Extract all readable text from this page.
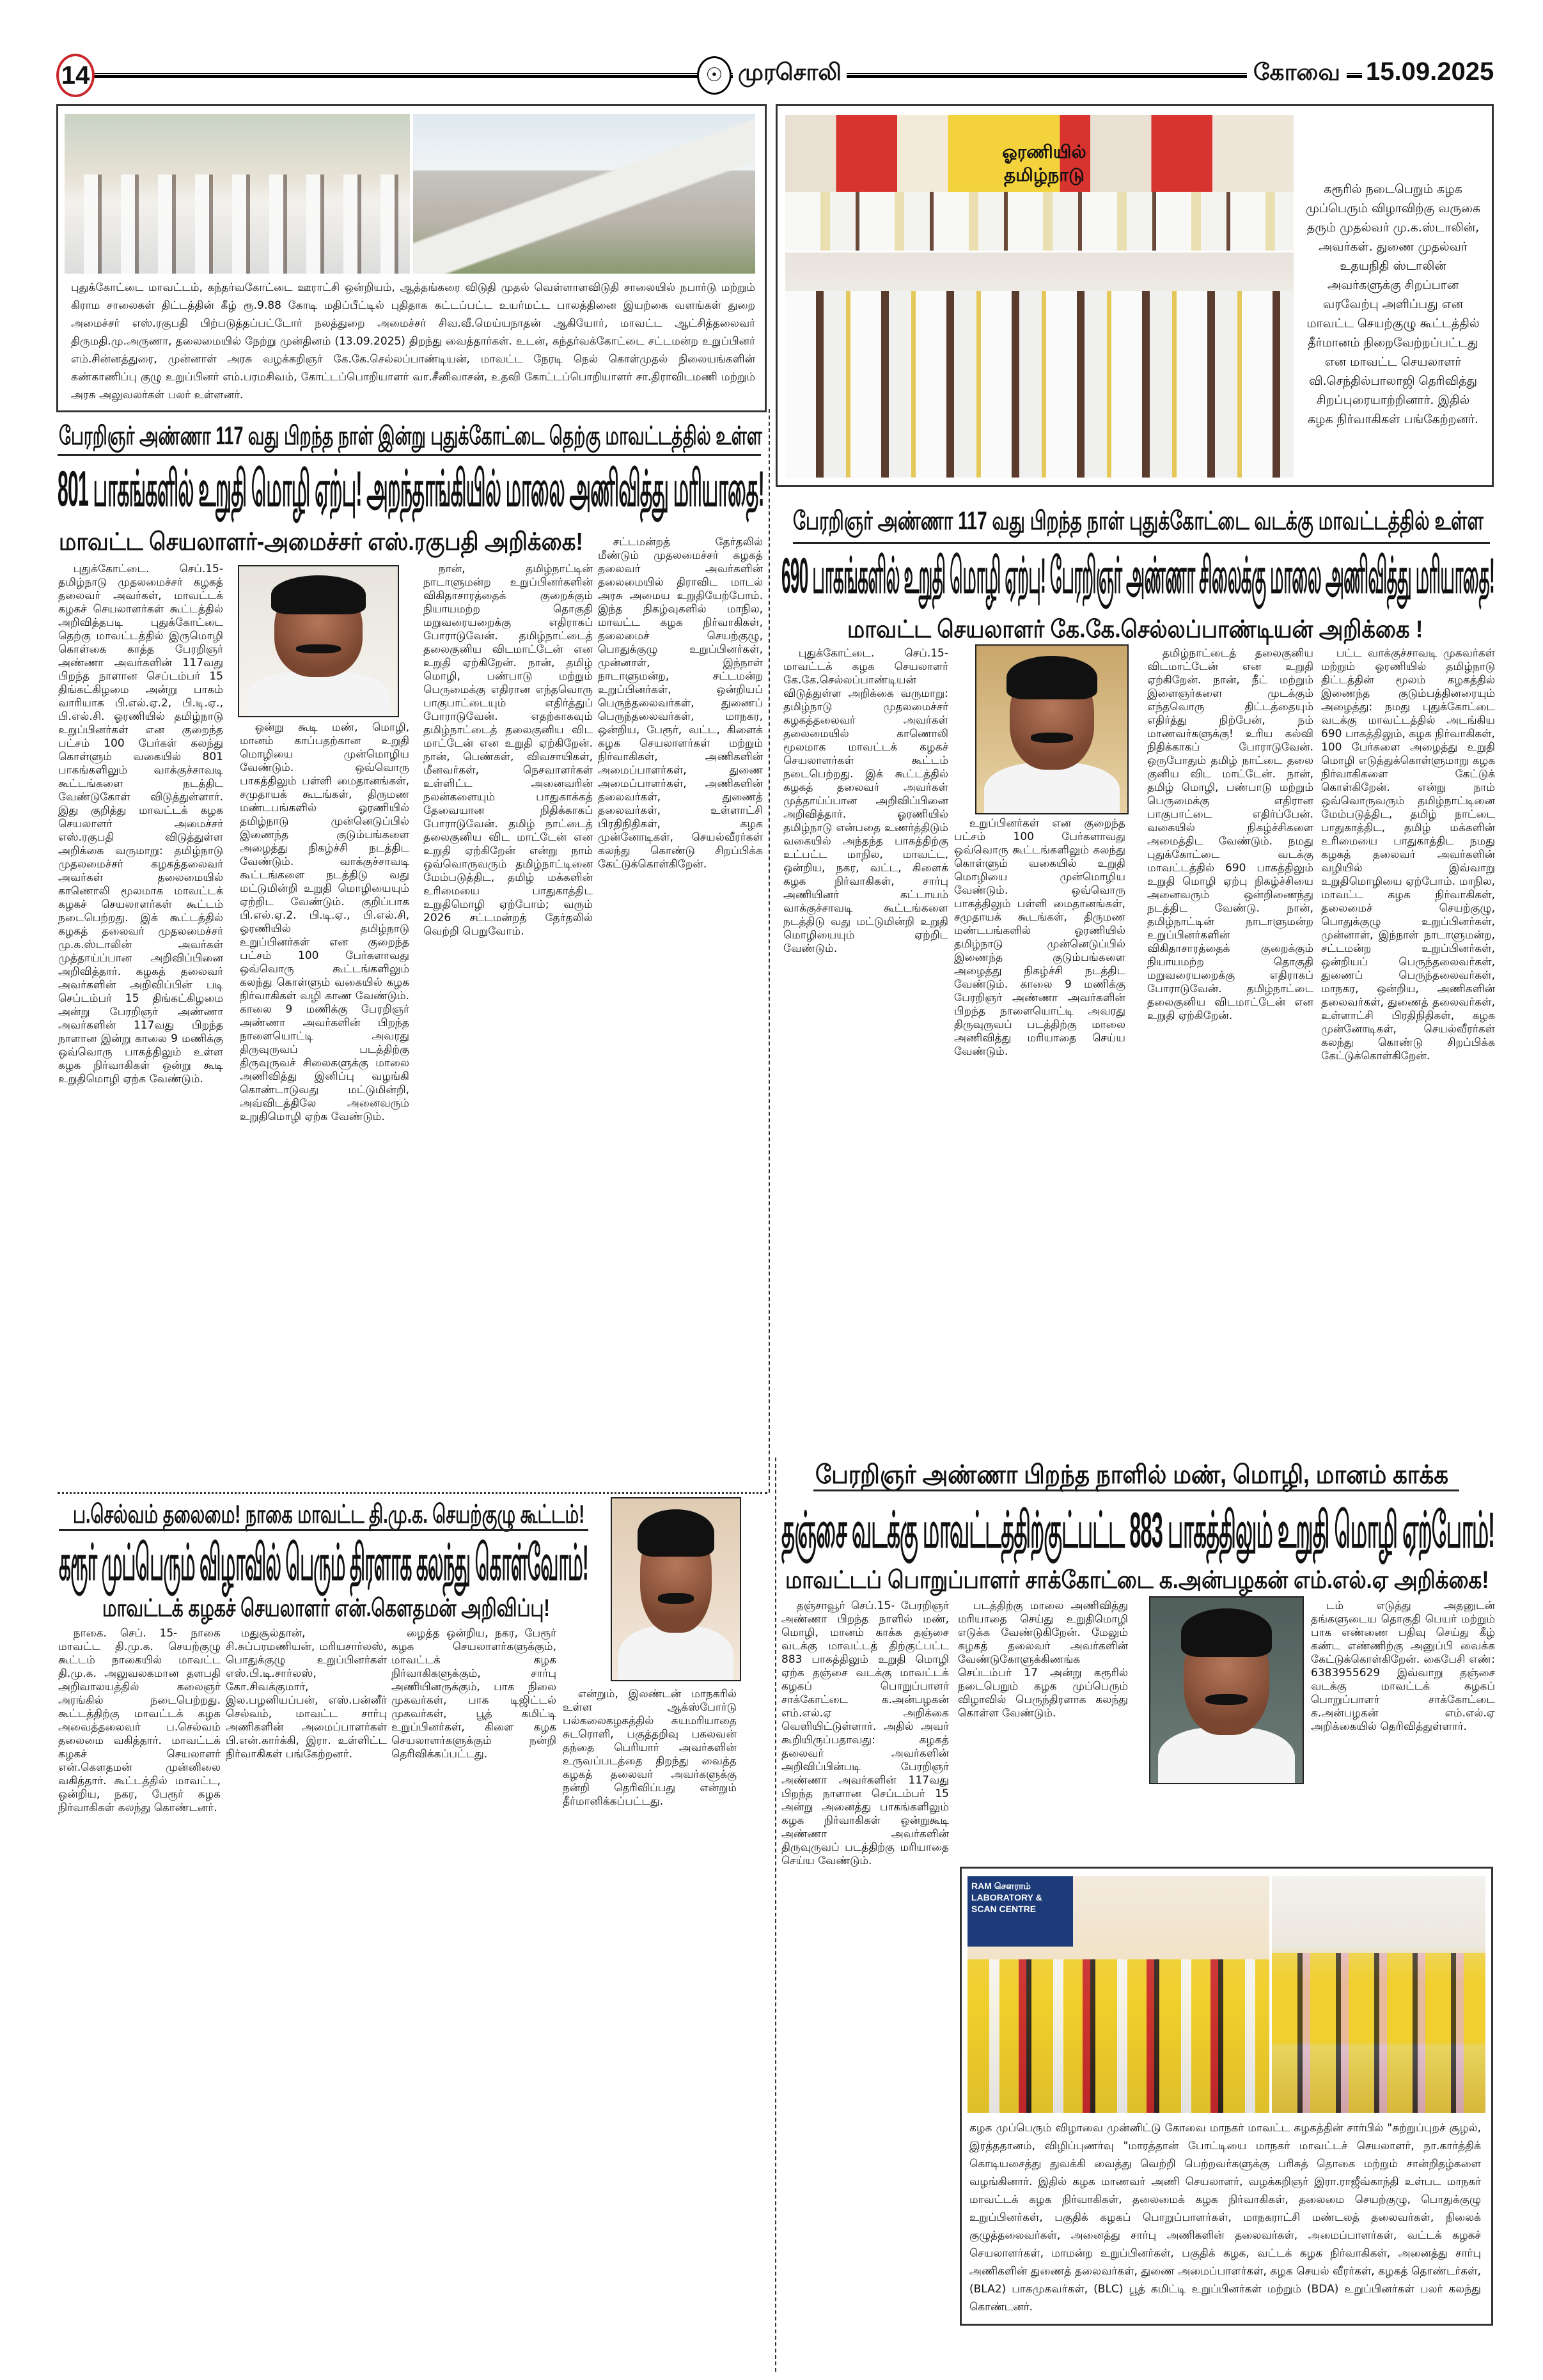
14	☉ முரசொலி	கோவை 15.09.2025
புதுக்கோட்டை மாவட்டம், கந்தர்வகோட்டை ஊராட்சி ஒன்றியம், ஆத்தங்கரை விடுதி முதல் வெள்ளாளவிடுதி சாலையில் நபார்டு மற்றும் கிராம சாலைகள் திட்டத்தின் கீழ் ரூ.9.88 கோடி மதிப்பீட்டில் புதிதாக கட்டப்பட்ட உயர்மட்ட பாலத்தினை இயற்கை வளங்கள் துறை அமைச்சர் எஸ்.ரகுபதி பிற்படுத்தப்பட்டோர் நலத்துறை அமைச்சர் சிவ.வீ.மெய்யநாதன் ஆகியோர், மாவட்ட ஆட்சித்தலைவர் திருமதி.மு.அருணா, தலைமையில் நேற்று முன்தினம் (13.09.2025) திறந்து வைத்தார்கள். உடன், கந்தர்வக்கோட்டை சட்டமன்ற உறுப்பினர் எம்.சின்னத்துரை, முன்னாள் அரசு வழக்கறிஞர் கே.கே.செல்லப்பாண்டியன், மாவட்ட நேரடி நெல் கொள்முதல் நிலையங்களின் கண்காணிப்பு குழு உறுப்பினர் எம்.பரமசிவம், கோட்டப்பொறியாளர் வா.சீனிவாசன், உதவி கோட்டப்பொறியாளர் சா.திராவிடமணி மற்றும் அரசு அலுவலர்கள் பலர் உள்ளனர்.
பேரறிஞர் அண்ணா 117 வது பிறந்த நாள் இன்று புதுக்கோட்டை தெற்கு மாவட்டத்தில் உள்ள
801 பாகங்களில் உறுதி மொழி ஏற்பு! அறந்தாங்கியில் மாலை அணிவித்து மரியாதை!
மாவட்ட செயலாளர்-அமைச்சர் எஸ்.ரகுபதி அறிக்கை!
புதுக்கோட்டை. செப்.15- தமிழ்நாடு முதலமைச்சர் கழகத் தலைவர் அவர்கள், மாவட்டக் கழகச் செயலாளர்கள் கூட்டத்தில் அறிவித்தபடி புதுக்கோட்டை தெற்கு மாவட்டத்தில் இருமொழி கொள்கை காத்த பேரறிஞர் அண்ணா அவர்களின் 117வது பிறந்த நாளான செப்டம்பர் 15 திங்கட்கிழமை அன்று பாகம் வாரியாக பி.எல்.ஏ.2, பி.டி.ஏ., பி.எல்.சி. ஓரணியில் தமிழ்நாடு உறுப்பினர்கள் என குறைந்த பட்சம் 100 பேர்கள் கலந்து கொள்ளும் வகையில் 801 பாகங்களிலும் வாக்குச்சாவடி கூட்டங்களை நடத்திட வேண்டுகோள் விடுத்துள்ளார். இது குறித்து மாவட்டக் கழக செயலாளர் அமைச்சர் எஸ்.ரகுபதி விடுத்துள்ள அறிக்கை வருமாறு: தமிழ்நாடு முதலமைச்சர் கழகத்தலைவர் அவர்கள் தலைமையில் காணொலி மூலமாக மாவட்டக் கழகச் செயலாளர்கள் கூட்டம் நடைபெற்றது. இக் கூட்டத்தில் கழகத் தலைவர் முதலமைச்சர் மு.க.ஸ்டாலின் அவர்கள் முத்தாய்ப்பான அறிவிப்பினை அறிவித்தார். கழகத் தலைவர் அவர்களின் அறிவிப்பின் படி செப்டம்பர் 15 திங்கட்கிழமை அன்று பேரறிஞர் அண்ணா அவர்களின் 117வது பிறந்த நாளான இன்று காலை 9 மணிக்கு ஒவ்வொரு பாகத்திலும் உள்ள கழக நிர்வாகிகள் ஒன்று கூடி உறுதிமொழி ஏற்க வேண்டும்.
ஒன்று கூடி மண், மொழி, மானம் காப்பதற்கான உறுதி மொழியை முன்மொழிய வேண்டும். ஒவ்வொரு பாகத்திலும் பள்ளி மைதானங்கள், சமுதாயக் கூடங்கள், திருமண மண்டபங்களில் ஓரணியில் தமிழ்நாடு முன்னெடுப்பில் இணைந்த குடும்பங்களை அழைத்து நிகழ்ச்சி நடத்திட வேண்டும். வாக்குச்சாவடி கூட்டங்களை நடத்திடு வது மட்டுமின்றி உறுதி மொழியையும் ஏற்றிட வேண்டும். குறிப்பாக பி.எல்.ஏ.2. பி.டி.ஏ., பி.எல்.சி, ஓரணியில் தமிழ்நாடு உறுப்பினர்கள் என குறைந்த பட்சம் 100 பேர்களாவது ஒவ்வொரு கூட்டங்களிலும் கலந்து கொள்ளும் வகையில் கழக நிர்வாகிகள் வழி காண வேண்டும். காலை 9 மணிக்கு பேரறிஞர் அண்ணா அவர்களின் பிறந்த நாளையொட்டி அவரது திருவுருவப் படத்திற்கு திருவுருவச் சிலைகளுக்கு மாலை அணிவித்து இனிப்பு வழங்கி கொண்டாடுவது மட்டுமின்றி, அவ்விடத்திலே அனைவரும் உறுதிமொழி ஏற்க வேண்டும்.
நான், தமிழ்நாட்டின் நாடாளுமன்ற உறுப்பினர்களின் விகிதாசாரத்தைக் குறைக்கும் நியாயமற்ற தொகுதி மறுவரையறைக்கு எதிராகப் போராடுவேன். தமிழ்நாட்டைத் தலைகுனிய விடமாட்டேன் என உறுதி ஏற்கிறேன். நான், தமிழ் மொழி, பண்பாடு மற்றும் பெருமைக்கு எதிரான எந்தவொரு பாகுபாட்டையும் எதிர்த்துப் போராடுவேன். எதற்காகவும் தமிழ்நாட்டைத் தலைகுனிய விட மாட்டேன் என உறுதி ஏற்கிறேன். நான், பெண்கள், விவசாயிகள், மீனவர்கள், நெசவாளர்கள் உள்ளிட்ட அனைவரின் நலன்களையும் பாதுகாக்கத் தேவையான நிதிக்காகப் போராடுவேன். தமிழ் நாட்டைத் தலைகுனிய விட மாட்டேன் என உறுதி ஏற்கிறேன் என்று நாம் ஒவ்வொருவரும் தமிழ்நாட்டினை மேம்படுத்திட, தமிழ் மக்களின் உரிமையை பாதுகாத்திட உறுதிமொழி ஏற்போம்; வரும் 2026 சட்டமன்றத் தேர்தலில் வெற்றி பெறுவோம்.
சட்டமன்றத் தேர்தலில் மீண்டும் முதலமைச்சர் கழகத் தலைவர் அவர்களின் தலைமையில் திராவிட மாடல் அரசு அமைய உறுதியேற்போம். இந்த நிகழ்வுகளில் மாநில, மாவட்ட கழக நிர்வாகிகள், தலைமைச் செயற்குழு, பொதுக்குழு உறுப்பினர்கள், முன்னாள், இந்நாள் நாடாளுமன்ற, சட்டமன்ற உறுப்பினர்கள், ஒன்றியப் பெருந்தலைவர்கள், துணைப் பெருந்தலைவர்கள், மாநகர, ஒன்றிய, பேரூர், வட்ட, கிளைக் கழக செயலாளர்கள் மற்றும் நிர்வாகிகள், அணிகளின் அமைப்பாளர்கள், துணை அமைப்பாளர்கள், அணிகளின் தலைவர்கள், துணைத் தலைவர்கள், உள்ளாட்சி பிரதிநிதிகள், கழக முன்னோடிகள், செயல்வீரர்கள் கலந்து கொண்டு சிறப்பிக்க கேட்டுக்கொள்கிறேன்.
ஓரணியில் தமிழ்நாடு
கரூரில் நடைபெறும் கழக முப்பெரும் விழாவிற்கு வருகை தரும் முதல்வர் மு.க.ஸ்டாலின், அவர்கள். துணை முதல்வர் உதயநிதி ஸ்டாலின் அவர்களுக்கு சிறப்பான வரவேற்பு அளிப்பது என மாவட்ட செயற்குழு கூட்டத்தில் தீர்மானம் நிறைவேற்றப்பட்டது என மாவட்ட செயலாளர் வி.செந்தில்பாலாஜி தெரிவித்து சிறப்புரையாற்றினார். இதில் கழக நிர்வாகிகள் பங்கேற்றனர்.
பேரறிஞர் அண்ணா 117 வது பிறந்த நாள் புதுக்கோட்டை வடக்கு மாவட்டத்தில் உள்ள
690 பாகங்களில் உறுதி மொழி ஏற்பு! பேரறிஞர் அண்ணா சிலைக்கு மாலை அணிவித்து மரியாதை!
மாவட்ட செயலாளர் கே.கே.செல்லப்பாண்டியன் அறிக்கை !
புதுக்கோட்டை. செப்.15- மாவட்டக் கழக செயலாளர் கே.கே.செல்லப்பாண்டியன் விடுத்துள்ள அறிக்கை வருமாறு: தமிழ்நாடு முதலமைச்சர் கழகத்தலைவர் அவர்கள் தலைமையில் காணொலி மூலமாக மாவட்டக் கழகச் செயலாளர்கள் கூட்டம் நடைபெற்றது. இக் கூட்டத்தில் கழகத் தலைவர் அவர்கள் முத்தாய்ப்பான அறிவிப்பினை அறிவித்தார். ஓரணியில் தமிழ்நாடு என்பதை உணர்த்திடும் வகையில் அந்தந்த பாகத்திற்கு உட்பட்ட மாநில, மாவட்ட, ஒன்றிய, நகர, வட்ட, கிளைக் கழக நிர்வாகிகள், சார்பு அணியினர் கட்டாயம் வாக்குச்சாவடி கூட்டங்களை நடத்திடு வது மட்டுமின்றி உறுதி மொழியையும் ஏற்றிட வேண்டும்.
உறுப்பினர்கள் என குறைந்த பட்சம் 100 பேர்களாவது ஒவ்வொரு கூட்டங்களிலும் கலந்து கொள்ளும் வகையில் உறுதி மொழியை முன்மொழிய வேண்டும். ஒவ்வொரு பாகத்திலும் பள்ளி மைதானங்கள், சமுதாயக் கூடங்கள், திருமண மண்டபங்களில் ஓரணியில் தமிழ்நாடு முன்னெடுப்பில் இணைந்த குடும்பங்களை அழைத்து நிகழ்ச்சி நடத்திட வேண்டும். காலை 9 மணிக்கு பேரறிஞர் அண்ணா அவர்களின் பிறந்த நாளையொட்டி அவரது திருவுருவப் படத்திற்கு மாலை அணிவித்து மரியாதை செய்ய வேண்டும்.
தமிழ்நாட்டைத் தலைகுனிய விடமாட்டேன் என உறுதி ஏற்கிறேன். நான், நீட் மற்றும் இளைஞர்களை முடக்கும் எந்தவொரு திட்டத்தையும் எதிர்த்து நிற்பேன், நம் மாணவர்களுக்கு! உரிய கல்வி நிதிக்காகப் போராடுவேன். ஒருபோதும் தமிழ் நாட்டை தலை குனிய விட மாட்டேன். நான், தமிழ் மொழி, பண்பாடு மற்றும் பெருமைக்கு எதிரான பாகுபாட்டை எதிர்ப்பேன். வகையில் நிகழ்ச்சிகளை அமைத்திட வேண்டும். நமது புதுக்கோட்டை வடக்கு மாவட்டத்தில் 690 பாகத்திலும் உறுதி மொழி ஏற்பு நிகழ்ச்சியை அனைவரும் ஒன்றிணைந்து நடத்திட வேண்டு. நான், தமிழ்நாட்டின் நாடாளுமன்ற உறுப்பினர்களின் விகிதாசாரத்தைக் குறைக்கும் நியாயமற்ற தொகுதி மறுவரையறைக்கு எதிராகப் போராடுவேன். தமிழ்நாட்டை தலைகுனிய விடமாட்டேன் என உறுதி ஏற்கிறேன்.
பட்ட வாக்குச்சாவடி முகவர்கள் மற்றும் ஓரணியில் தமிழ்நாடு திட்டத்தின் மூலம் கழகத்தில் இணைந்த குடும்பத்தினரையும் அழைத்து: நமது புதுக்கோட்டை வடக்கு மாவட்டத்தில் அடங்கிய 690 பாகத்திலும், கழக நிர்வாகிகள், 100 பேர்களை அழைத்து உறுதி மொழி எடுத்துக்கொள்ளுமாறு கழக நிர்வாகிகளை கேட்டுக் கொள்கிறேன். என்று நாம் ஒவ்வொருவரும் தமிழ்நாட்டினை மேம்படுத்திட, தமிழ் நாட்டை பாதுகாத்திட, தமிழ் மக்களின் உரிமையை பாதுகாத்திட நமது கழகத் தலைவர் அவர்களின் வழியில் இவ்வாறு உறுதிமொழியை ஏற்போம். மாநில, மாவட்ட கழக நிர்வாகிகள், தலைமைச் செயற்குழு, பொதுக்குழு உறுப்பினர்கள், முன்னாள், இந்நாள் நாடாளுமன்ற, சட்டமன்ற உறுப்பினர்கள், ஒன்றியப் பெருந்தலைவர்கள், துணைப் பெருந்தலைவர்கள், மாநகர, ஒன்றிய, அணிகளின் தலைவர்கள், துணைத் தலைவர்கள், உள்ளாட்சி பிரதிநிதிகள், கழக முன்னோடிகள், செயல்வீரர்கள் கலந்து கொண்டு சிறப்பிக்க கேட்டுக்கொள்கிறேன்.
ப.செல்வம் தலைமை! நாகை மாவட்ட தி.மு.க. செயற்குழு கூட்டம்!
கரூர் முப்பெரும் விழாவில் பெரும் திரளாக கலந்து கொள்வோம்!
மாவட்டக் கழகச் செயலாளர் என்.கௌதமன் அறிவிப்பு!
நாகை. செப். 15- நாகை மாவட்ட தி.மு.க. செயற்குழு கூட்டம் நாகையில் மாவட்ட தி.மு.க. அலுவலகமான தளபதி அறிவாலயத்தில் கலைஞர் அரங்கில் நடைபெற்றது. கூட்டத்திற்கு மாவட்டக் கழக அவைத்தலைவர் ப.செல்வம் தலைமை வகித்தார். மாவட்டக் கழகச் செயலாளர் என்.கௌதமன் முன்னிலை வகித்தார். கூட்டத்தில் மாவட்ட, ஒன்றிய, நகர, பேரூர் கழக நிர்வாகிகள் கலந்து கொண்டனர்.
மதுசூல்தான், சி.சுப்பரமணியன், மரியசார்லஸ், பொதுக்குழு உறுப்பினர்கள் எஸ்.பி.டி.சார்லஸ், கோ.சிவக்குமார், இல.பழனியப்பன், எஸ்.பன்னீர் செல்வம், மாவட்ட சார்பு அணிகளின் அமைப்பாளர்கள் பி.என்.கார்க்கி, இரா. உள்ளிட்ட நிர்வாகிகள் பங்கேற்றனர்.
ழைத்த ஒன்றிய, நகர, பேரூர் கழக செயலாளர்களுக்கும், மாவட்டக் கழக நிர்வாகிகளுக்கும், சார்பு அணியினருக்கும், பாக நிலை முகவர்கள், பாக டிஜிட்டல் முகவர்கள், பூத் கமிட்டி உறுப்பினர்கள், கிளை கழக செயலாளர்களுக்கும் நன்றி தெரிவிக்கப்பட்டது.
என்றும், இலண்டன் மாநகரில் உள்ள ஆக்ஸ்போர்டு பல்கலைகழகத்தில் சுயமரியாதை சுடரொளி, பகுத்தறிவு பகலவன் தந்தை பெரியார் அவர்களின் உருவப்படத்தை திறந்து வைத்த கழகத் தலைவர் அவர்களுக்கு நன்றி தெரிவிப்பது என்றும் தீர்மானிக்கப்பட்டது.
பேரறிஞர் அண்ணா பிறந்த நாளில் மண், மொழி, மானம் காக்க
தஞ்சை வடக்கு மாவட்டத்திற்குட்பட்ட 883 பாகத்திலும் உறுதி மொழி ஏற்போம்!
மாவட்டப் பொறுப்பாளர் சாக்கோட்டை க.அன்பழகன் எம்.எல்.ஏ அறிக்கை!
தஞ்சாவூர் செப்.15- பேரறிஞர் அண்ணா பிறந்த நாளில் மண், மொழி, மானம் காக்க தஞ்சை வடக்கு மாவட்டத் திற்குட்பட்ட 883 பாகத்திலும் உறுதி மொழி ஏற்க தஞ்சை வடக்கு மாவட்டக் கழகப் பொறுப்பாளர் சாக்கோட்டை க.அன்பழகன் எம்.எல்.ஏ அறிக்கை வெளியிட்டுள்ளார். அதில் அவர் கூறியிருப்பதாவது: கழகத் தலைவர் அவர்களின் அறிவிப்பின்படி பேரறிஞர் அண்ணா அவர்களின் 117வது பிறந்த நாளான செப்டம்பர் 15 அன்று அனைத்து பாகங்களிலும் கழக நிர்வாகிகள் ஒன்றுகூடி அண்ணா அவர்களின் திருவுருவப் படத்திற்கு மரியாதை செய்ய வேண்டும்.
படத்திற்கு மாலை அணிவித்து மரியாதை செய்து உறுதிமொழி எடுக்க வேண்டுகிறேன். மேலும் கழகத் தலைவர் அவர்களின் வேண்டுகோளுக்கிணங்க செப்டம்பர் 17 அன்று கரூரில் நடைபெறும் கழக முப்பெரும் விழாவில் பெருந்திரளாக கலந்து கொள்ள வேண்டும்.
டம் எடுத்து அதனுடன் தங்களுடைய தொகுதி பெயர் மற்றும் பாக எண்ணை பதிவு செய்து கீழ் கண்ட எண்ணிற்கு அனுப்பி வைக்க கேட்டுக்கொள்கிறேன். கைபேசி எண்: 6383955629 இவ்வாறு தஞ்சை வடக்கு மாவட்டக் கழகப் பொறுப்பாளர் சாக்கோட்டை க.அன்பழகன் எம்.எல்.ஏ அறிக்கையில் தெரிவித்துள்ளார்.
RAM சௌராம் LABORATORY & SCAN CENTRE
கழக முப்பெரும் விழாவை முன்னிட்டு கோவை மாநகர் மாவட்ட கழகத்தின் சார்பில் "சுற்றுப்புறச் சூழல், இரத்ததானம், விழிப்புணர்வு "மாரத்தான் போட்டியை மாநகர் மாவட்டச் செயலாளர், நா.கார்த்திக் கொடியசைத்து துவக்கி வைத்து வெற்றி பெற்றவர்களுக்கு பரிசுத் தொகை மற்றும் சான்றிதழ்களை வழங்கினார். இதில் கழக மாணவர் அணி செயலாளர், வழக்கறிஞர் இரா.ராஜீவ்காந்தி உள்பட மாநகர் மாவட்டக் கழக நிர்வாகிகள், தலைமைக் கழக நிர்வாகிகள், தலைமை செயற்குழு, பொதுக்குழு உறுப்பினர்கள், பகுதிக் கழகப் பொறுப்பாளர்கள், மாநகராட்சி மண்டலத் தலைவர்கள், நிலைக் குழுத்தலைவர்கள், அனைத்து சார்பு அணிகளின் தலைவர்கள், அமைப்பாளர்கள், வட்டக் கழகச் செயலாளர்கள், மாமன்ற உறுப்பினர்கள், பகுதிக் கழக, வட்டக் கழக நிர்வாகிகள், அனைத்து சார்பு அணிகளின் துணைத் தலைவர்கள், துணை அமைப்பாளர்கள், கழக செயல் வீரர்கள், கழகத் தொண்டர்கள், (BLA2) பாகமுகவர்கள், (BLC) பூத் கமிட்டி உறுப்பினர்கள் மற்றும் (BDA) உறுப்பினர்கள் பலர் கலந்து கொண்டனர்.
